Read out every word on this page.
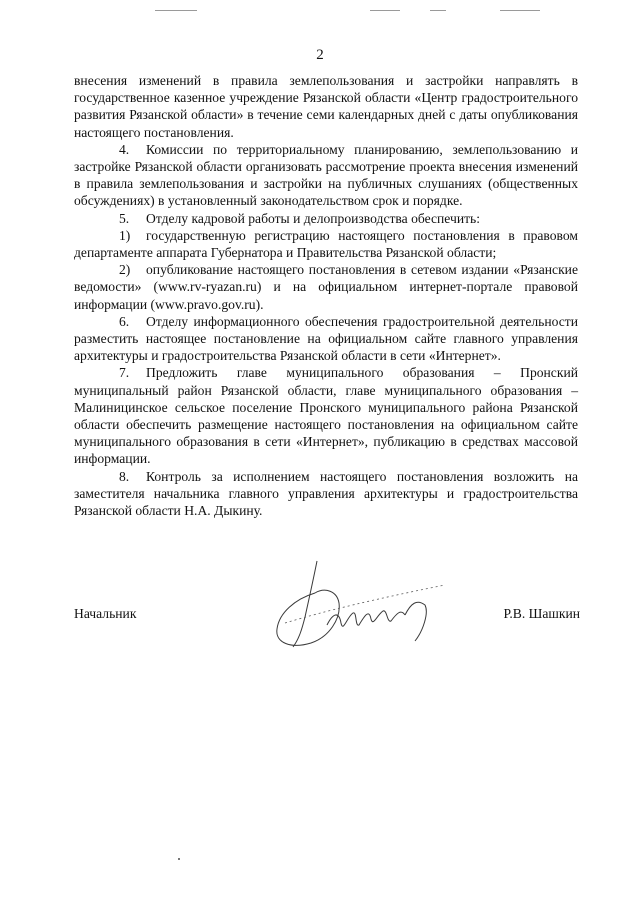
2

внесения изменений в правила землепользования и застройки направлять в государственное казенное учреждение Рязанской области «Центр градостроительного развития Рязанской области» в течение семи календарных дней с даты опубликования настоящего постановления.

4. Комиссии по территориальному планированию, землепользованию и застройке Рязанской области организовать рассмотрение проекта внесения изменений в правила землепользования и застройки на публичных слушаниях (общественных обсуждениях) в установленный законодательством срок и порядке.

5. Отделу кадровой работы и делопроизводства обеспечить:

1) государственную регистрацию настоящего постановления в правовом департаменте аппарата Губернатора и Правительства Рязанской области;

2) опубликование настоящего постановления в сетевом издании «Рязанские ведомости» (www.rv-ryazan.ru) и на официальном интернет-портале правовой информации (www.pravo.gov.ru).

6. Отделу информационного обеспечения градостроительной деятельности разместить настоящее постановление на официальном сайте главного управления архитектуры и градостроительства Рязанской области в сети «Интернет».

7. Предложить главе муниципального образования – Пронский муниципальный район Рязанской области, главе муниципального образования – Малиницинское сельское поселение Пронского муниципального района Рязанской области обеспечить размещение настоящего постановления на официальном сайте муниципального образования в сети «Интернет», публикацию в средствах массовой информации.

8. Контроль за исполнением настоящего постановления возложить на заместителя начальника главного управления архитектуры и градостроительства Рязанской области Н.А. Дыкину.

Начальник	Р.В. Шашкин
